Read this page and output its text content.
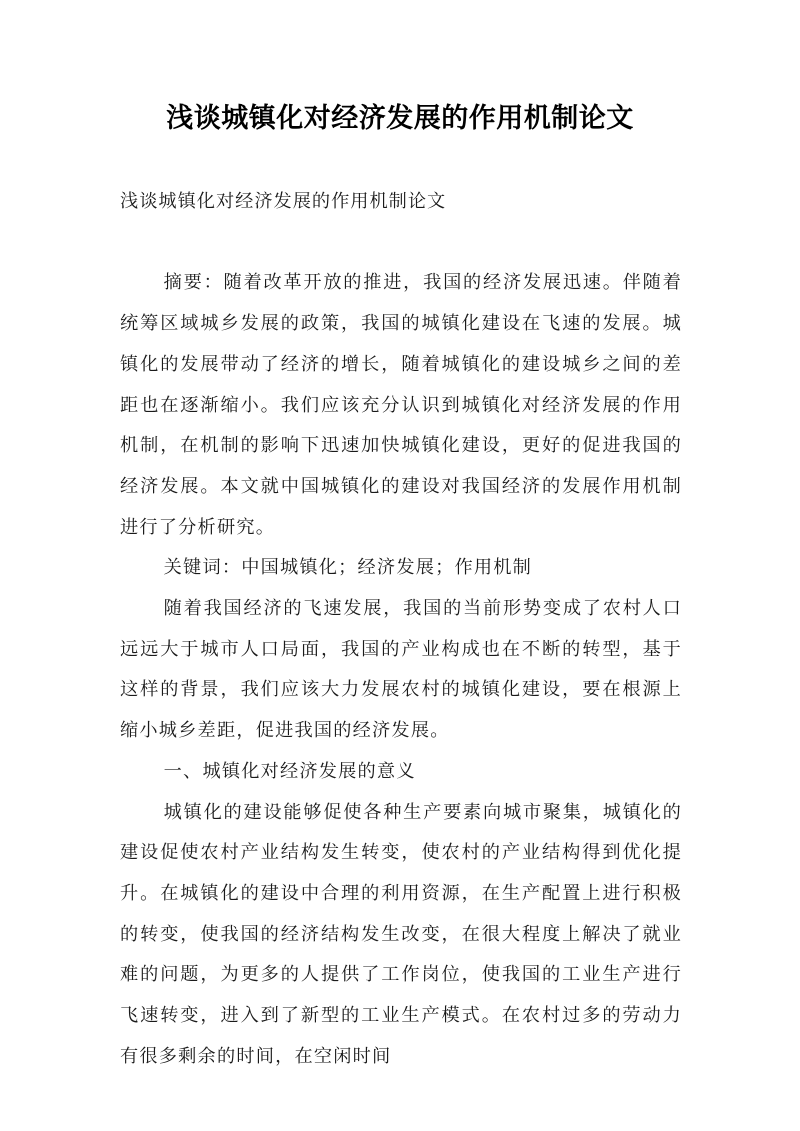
浅谈城镇化对经济发展的作用机制论文

浅谈城镇化对经济发展的作用机制论文

摘要：随着改革开放的推进，我国的经济发展迅速。伴随着统筹区域城乡发展的政策，我国的城镇化建设在飞速的发展。城镇化的发展带动了经济的增长，随着城镇化的建设城乡之间的差距也在逐渐缩小。我们应该充分认识到城镇化对经济发展的作用机制，在机制的影响下迅速加快城镇化建设，更好的促进我国的经济发展。本文就中国城镇化的建设对我国经济的发展作用机制进行了分析研究。

关键词：中国城镇化；经济发展；作用机制

随着我国经济的飞速发展，我国的当前形势变成了农村人口远远大于城市人口局面，我国的产业构成也在不断的转型，基于这样的背景，我们应该大力发展农村的城镇化建设，要在根源上缩小城乡差距，促进我国的经济发展。

一、城镇化对经济发展的意义

城镇化的建设能够促使各种生产要素向城市聚集，城镇化的建设促使农村产业结构发生转变，使农村的产业结构得到优化提升。在城镇化的建设中合理的利用资源，在生产配置上进行积极的转变，使我国的经济结构发生改变，在很大程度上解决了就业难的问题，为更多的人提供了工作岗位，使我国的工业生产进行飞速转变，进入到了新型的工业生产模式。在农村过多的劳动力有很多剩余的时间，在空闲时间
